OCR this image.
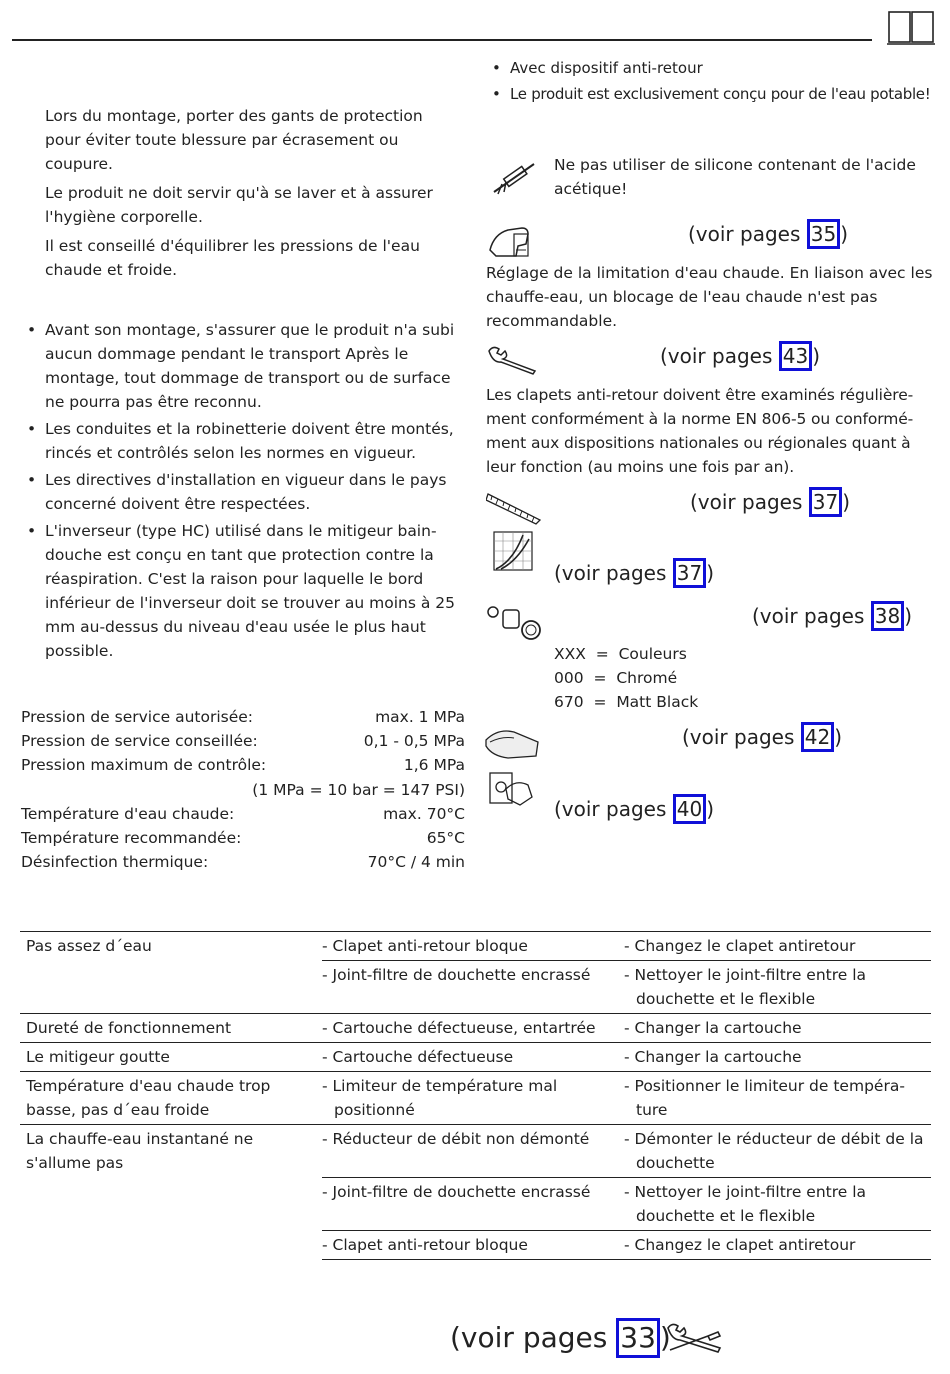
Lors du montage, porter des gants de protection pour éviter toute blessure par écrasement ou coupure.

Le produit ne doit servir qu'à se laver et à assurer l'hygiène corporelle.

Il est conseillé d'équilibrer les pressions de l'eau chaude et froide.

• Avant son montage, s'assurer que le produit n'a subi aucun dommage pendant le transport Après le montage, tout dommage de transport ou de surface ne pourra pas être reconnu.
• Les conduites et la robinetterie doivent être montés, rincés et contrôlés selon les normes en vigueur.
• Les directives d'installation en vigueur dans le pays concerné doivent être respectées.
• L'inverseur (type HC) utilisé dans le mitigeur bain-douche est conçu en tant que protection contre la réaspiration. C'est la raison pour laquelle le bord inférieur de l'inverseur doit se trouver au moins à 25 mm au-dessus du niveau d'eau usée le plus haut possible.
Pression de service autorisée:	max. 1 MPa
Pression de service conseillée:	0,1 - 0,5 MPa
Pression maximum de contrôle:	1,6 MPa
(1 MPa = 10 bar = 147 PSI)
Température d'eau chaude:	max. 70°C
Température recommandée:	65°C
Désinfection thermique:	70°C / 4 min
• Avec dispositif anti-retour
• Le produit est exclusivement conçu pour de l'eau potable!
Ne pas utiliser de silicone contenant de l'acide acétique!
(voir pages 35 )
Réglage de la limitation d'eau chaude. En liaison avec les chauffe-eau, un blocage de l'eau chaude n'est pas recommandable.
(voir pages 43 )
Les clapets anti-retour doivent être examinés régulière-ment conformément à la norme EN 806-5 ou conformé-ment aux dispositions nationales ou régionales quant à leur fonction (au moins une fois par an).
(voir pages 37 )
(voir pages 37 )
(voir pages 38 )
XXX = Couleurs
000 = Chromé
670 = Matt Black
(voir pages 42 )
(voir pages 40 )
Pas assez d´eau	- Clapet anti-retour bloque	- Changez le clapet antiretour
	- Joint-filtre de douchette encrassé	- Nettoyer le joint-filtre entre la douchette et le flexible
Dureté de fonctionnement	- Cartouche défectueuse, entartrée	- Changer la cartouche
Le mitigeur goutte	- Cartouche défectueuse	- Changer la cartouche
Température d'eau chaude trop basse, pas d´eau froide	- Limiteur de température mal positionné	- Positionner le limiteur de tempéra-ture
La chauffe-eau instantané ne s'allume pas	- Réducteur de débit non démonté	- Démonter le réducteur de débit de la douchette
	- Joint-filtre de douchette encrassé	- Nettoyer le joint-filtre entre la douchette et le flexible
	- Clapet anti-retour bloque	- Changez le clapet antiretour
(voir pages 33 )
